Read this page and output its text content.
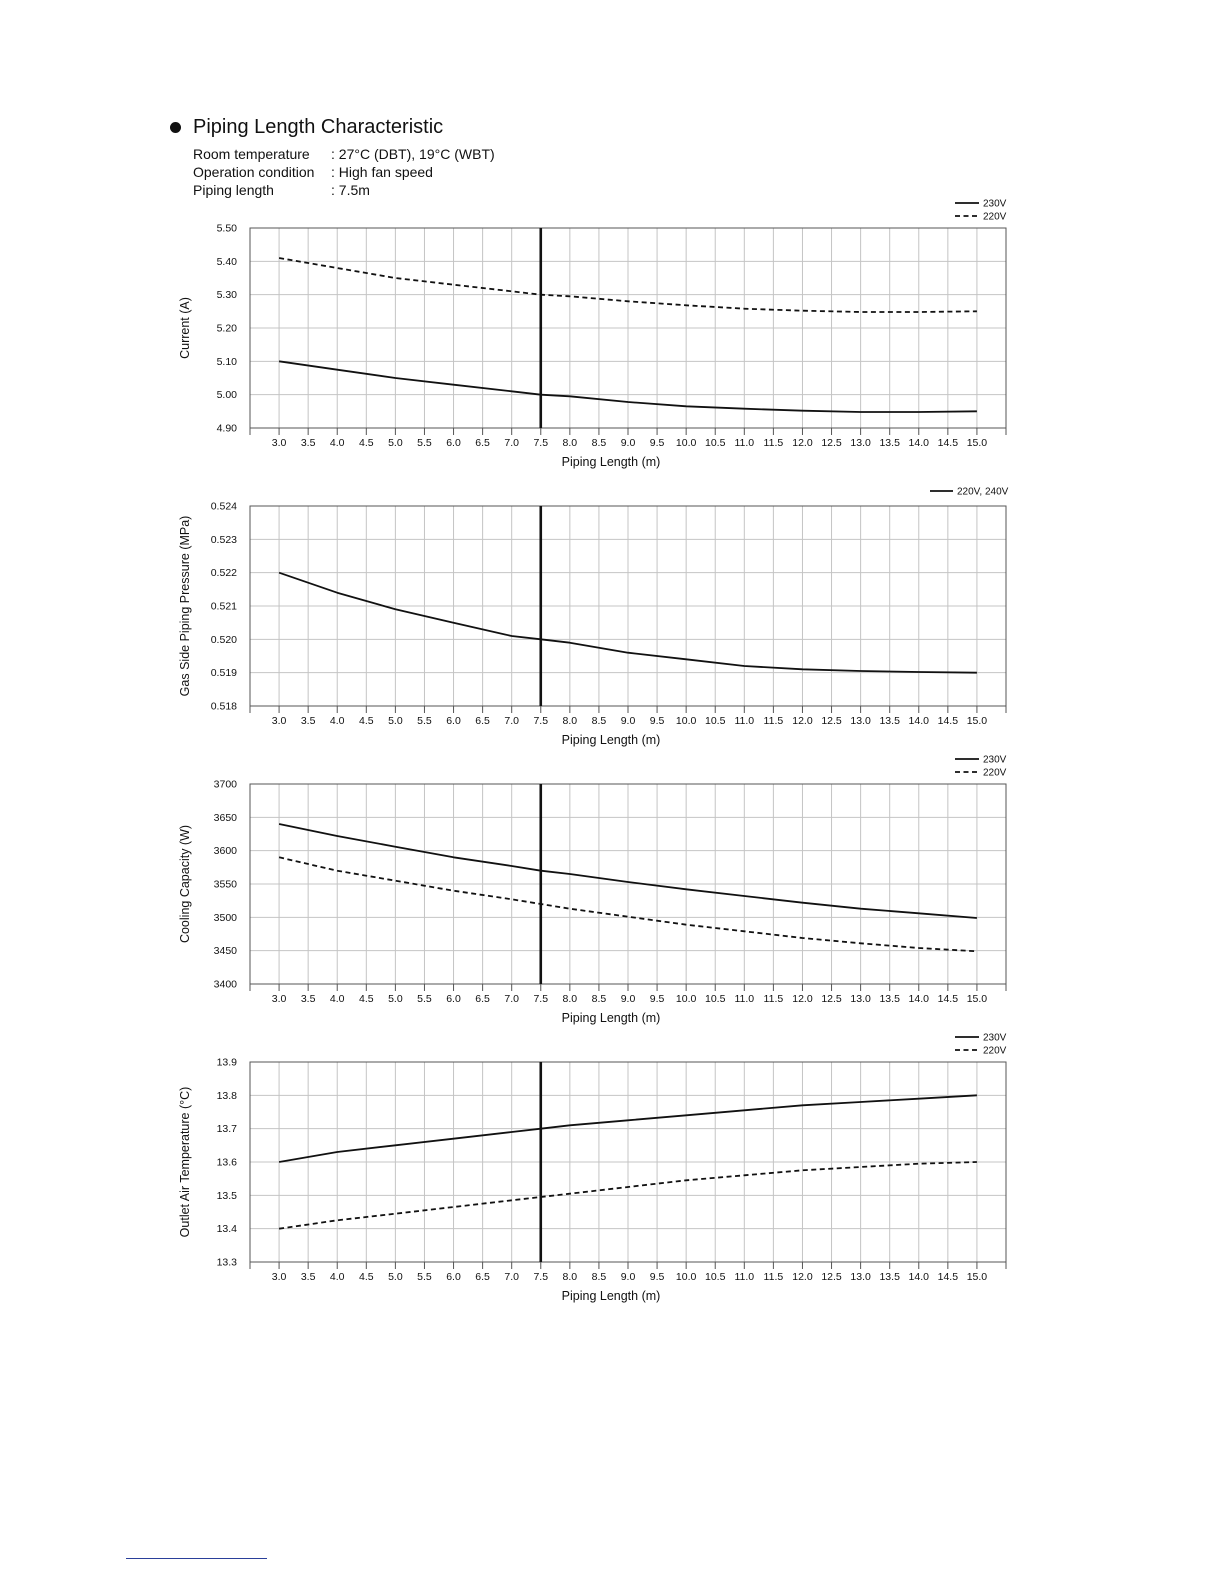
Piping Length Characteristic
Room temperature	: 27°C (DBT), 19°C (WBT)
Operation condition	: High fan speed
Piping length	: 7.5m
3.0 3.5 4.0 4.5 5.0 5.5 6.0 6.5 7.0 7.5 8.0 8.5 9.0 9.5 10.0 10.5 11.0 11.5 12.0 12.5 13.0 13.5 14.0 14.5 15.0
4.90
5.00
5.10
5.20
5.30
5.40
5.50
Piping Length (m)
Current (A)
230V
220V
3.0 3.5 4.0 4.5 5.0 5.5 6.0 6.5 7.0 7.5 8.0 8.5 9.0 9.5 10.0 10.5 11.0 11.5 12.0 12.5 13.0 13.5 14.0 14.5 15.0
0.518
0.519
0.520
0.521
0.522
0.523
0.524
Piping Length (m)
Gas Side Piping Pressure (MPa)
220V, 240V
3.0 3.5 4.0 4.5 5.0 5.5 6.0 6.5 7.0 7.5 8.0 8.5 9.0 9.5 10.0 10.5 11.0 11.5 12.0 12.5 13.0 13.5 14.0 14.5 15.0
3400
3450
3500
3550
3600
3650
3700
Piping Length (m)
Cooling Capacity (W)
230V
220V
3.0 3.5 4.0 4.5 5.0 5.5 6.0 6.5 7.0 7.5 8.0 8.5 9.0 9.5 10.0 10.5 11.0 11.5 12.0 12.5 13.0 13.5 14.0 14.5 15.0
13.3
13.4
13.5
13.6
13.7
13.8
13.9
Piping Length (m)
Outlet Air Temperature (°C)
230V
220V
